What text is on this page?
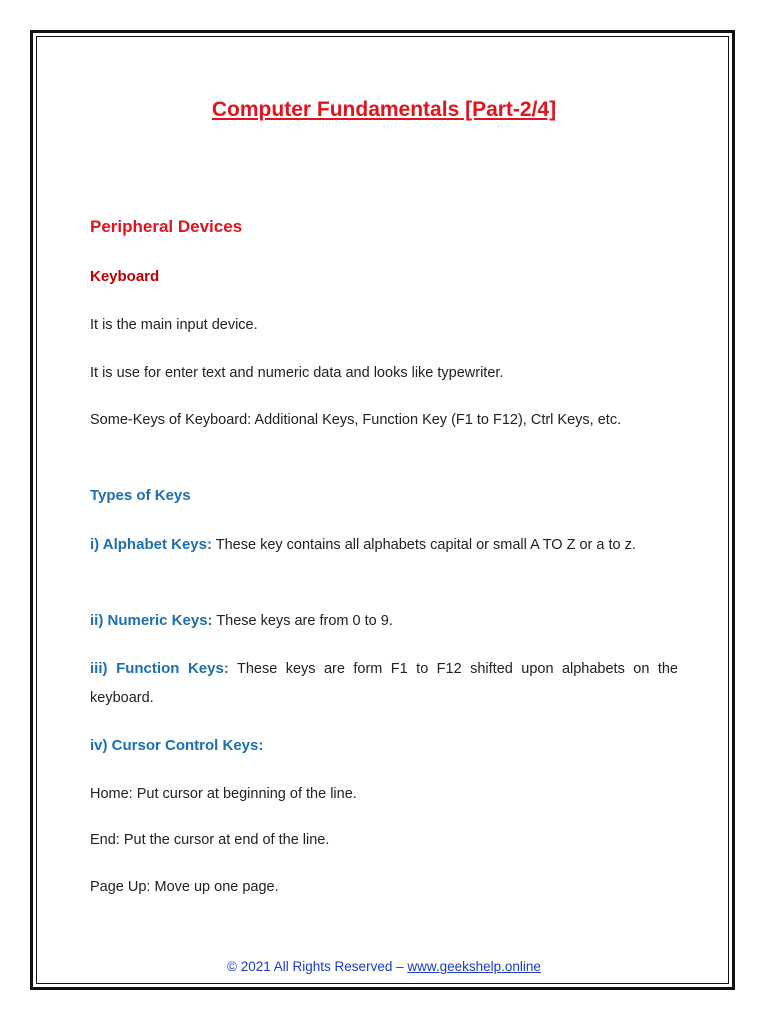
Computer Fundamentals [Part-2/4]
Peripheral Devices
Keyboard

It is the main input device.

It is use for enter text and numeric data and looks like typewriter.

Some-Keys of Keyboard: Additional Keys, Function Key (F1 to F12), Ctrl Keys, etc.

Types of Keys

i) Alphabet Keys: These key contains all alphabets capital or small A TO Z or a to z.

ii) Numeric Keys: These keys are from 0 to 9.

iii) Function Keys: These keys are form F1 to F12 shifted upon alphabets on the keyboard.

iv) Cursor Control Keys:

Home: Put cursor at beginning of the line.

End: Put the cursor at end of the line.

Page Up: Move up one page.

© 2021 All Rights Reserved – www.geekshelp.online
